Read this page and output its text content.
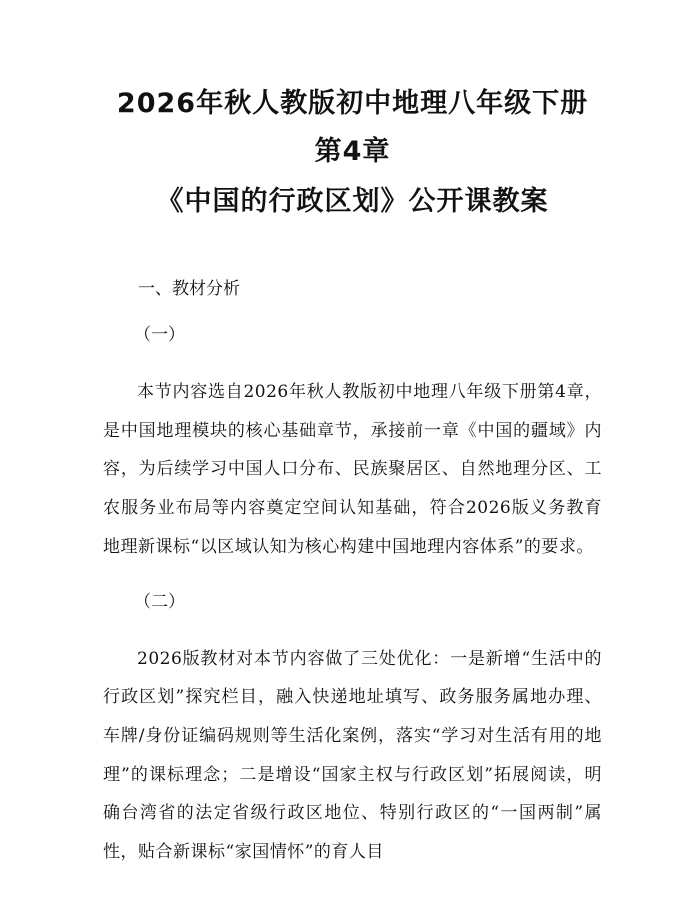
2026年秋人教版初中地理八年级下册第4章
《中国的行政区划》公开课教案

一、教材分析

（一）

本节内容选自2026年秋人教版初中地理八年级下册第4章，是中国地理模块的核心基础章节，承接前一章《中国的疆域》内容，为后续学习中国人口分布、民族聚居区、自然地理分区、工农服务业布局等内容奠定空间认知基础，符合2026版义务教育地理新课标“以区域认知为核心构建中国地理内容体系”的要求。

（二）

2026版教材对本节内容做了三处优化：一是新增“生活中的行政区划”探究栏目，融入快递地址填写、政务服务属地办理、车牌/身份证编码规则等生活化案例，落实“学习对生活有用的地理”的课标理念；二是增设“国家主权与行政区划”拓展阅读，明确台湾省的法定省级行政区地位、特别行政区的“一国两制”属性，贴合新课标“家国情怀”的育人目
